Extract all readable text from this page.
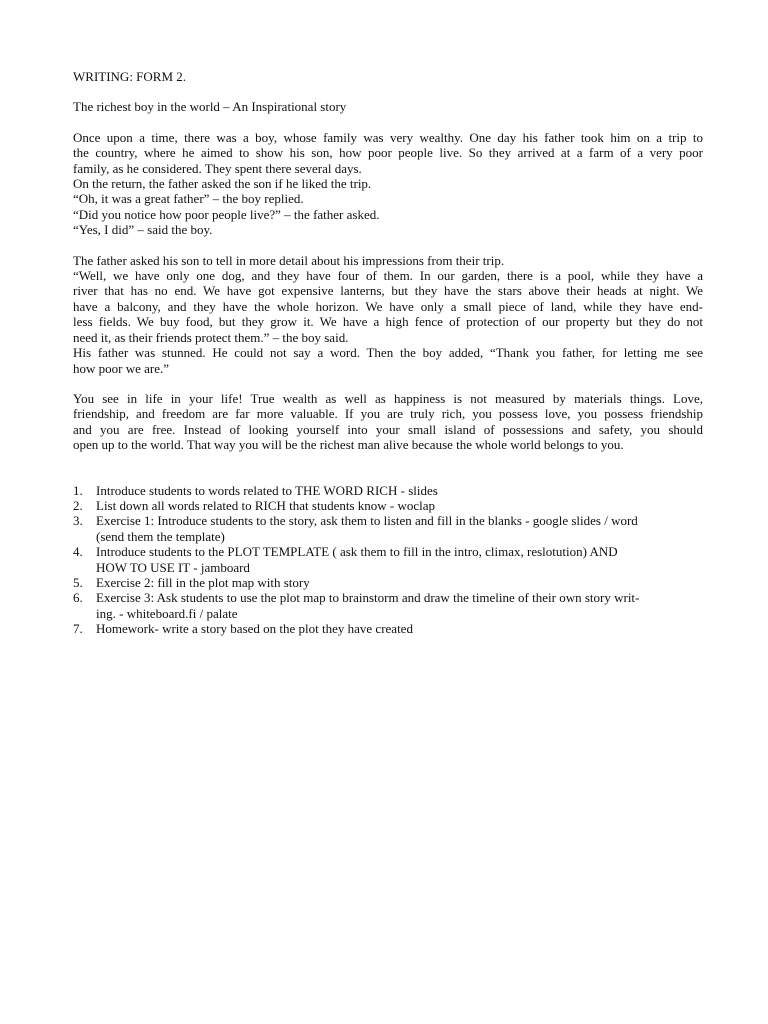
WRITING: FORM 2.
The richest boy in the world – An Inspirational story
Once upon a time, there was a boy, whose family was very wealthy. One day his father took him on a trip to
the country, where he aimed to show his son, how poor people live. So they arrived at a farm of a very poor
family, as he considered. They spent there several days.
On the return, the father asked the son if he liked the trip.
“Oh, it was a great father” – the boy replied.
“Did you notice how poor people live?” – the father asked.
“Yes, I did” – said the boy.
The father asked his son to tell in more detail about his impressions from their trip.
“Well, we have only one dog, and they have four of them. In our garden, there is a pool, while they have a
river that has no end. We have got expensive lanterns, but they have the stars above their heads at night. We
have a balcony, and they have the whole horizon. We have only a small piece of land, while they have end-
less fields. We buy food, but they grow it. We have a high fence of protection of our property but they do not
need it, as their friends protect them.” – the boy said.
His father was stunned. He could not say a word. Then the boy added, “Thank you father, for letting me see
how poor we are.”
You see in life in your life! True wealth as well as happiness is not measured by materials things. Love,
friendship, and freedom are far more valuable. If you are truly rich, you possess love, you possess friendship
and you are free. Instead of looking yourself into your small island of possessions and safety, you should
open up to the world. That way you will be the richest man alive because the whole world belongs to you.
1. Introduce students to words related to THE WORD RICH - slides
2. List down all words related to RICH that students know - woclap
3. Exercise 1: Introduce students to the story, ask them to listen and fill in the blanks - google slides / word
(send them the template)
4. Introduce students to the PLOT TEMPLATE ( ask them to fill in the intro, climax, reslotution) AND
HOW TO USE IT - jamboard
5. Exercise 2: fill in the plot map with story
6. Exercise 3: Ask students to use the plot map to brainstorm and draw the timeline of their own story writ-
ing. - whiteboard.fi / palate
7. Homework- write a story based on the plot they have created
